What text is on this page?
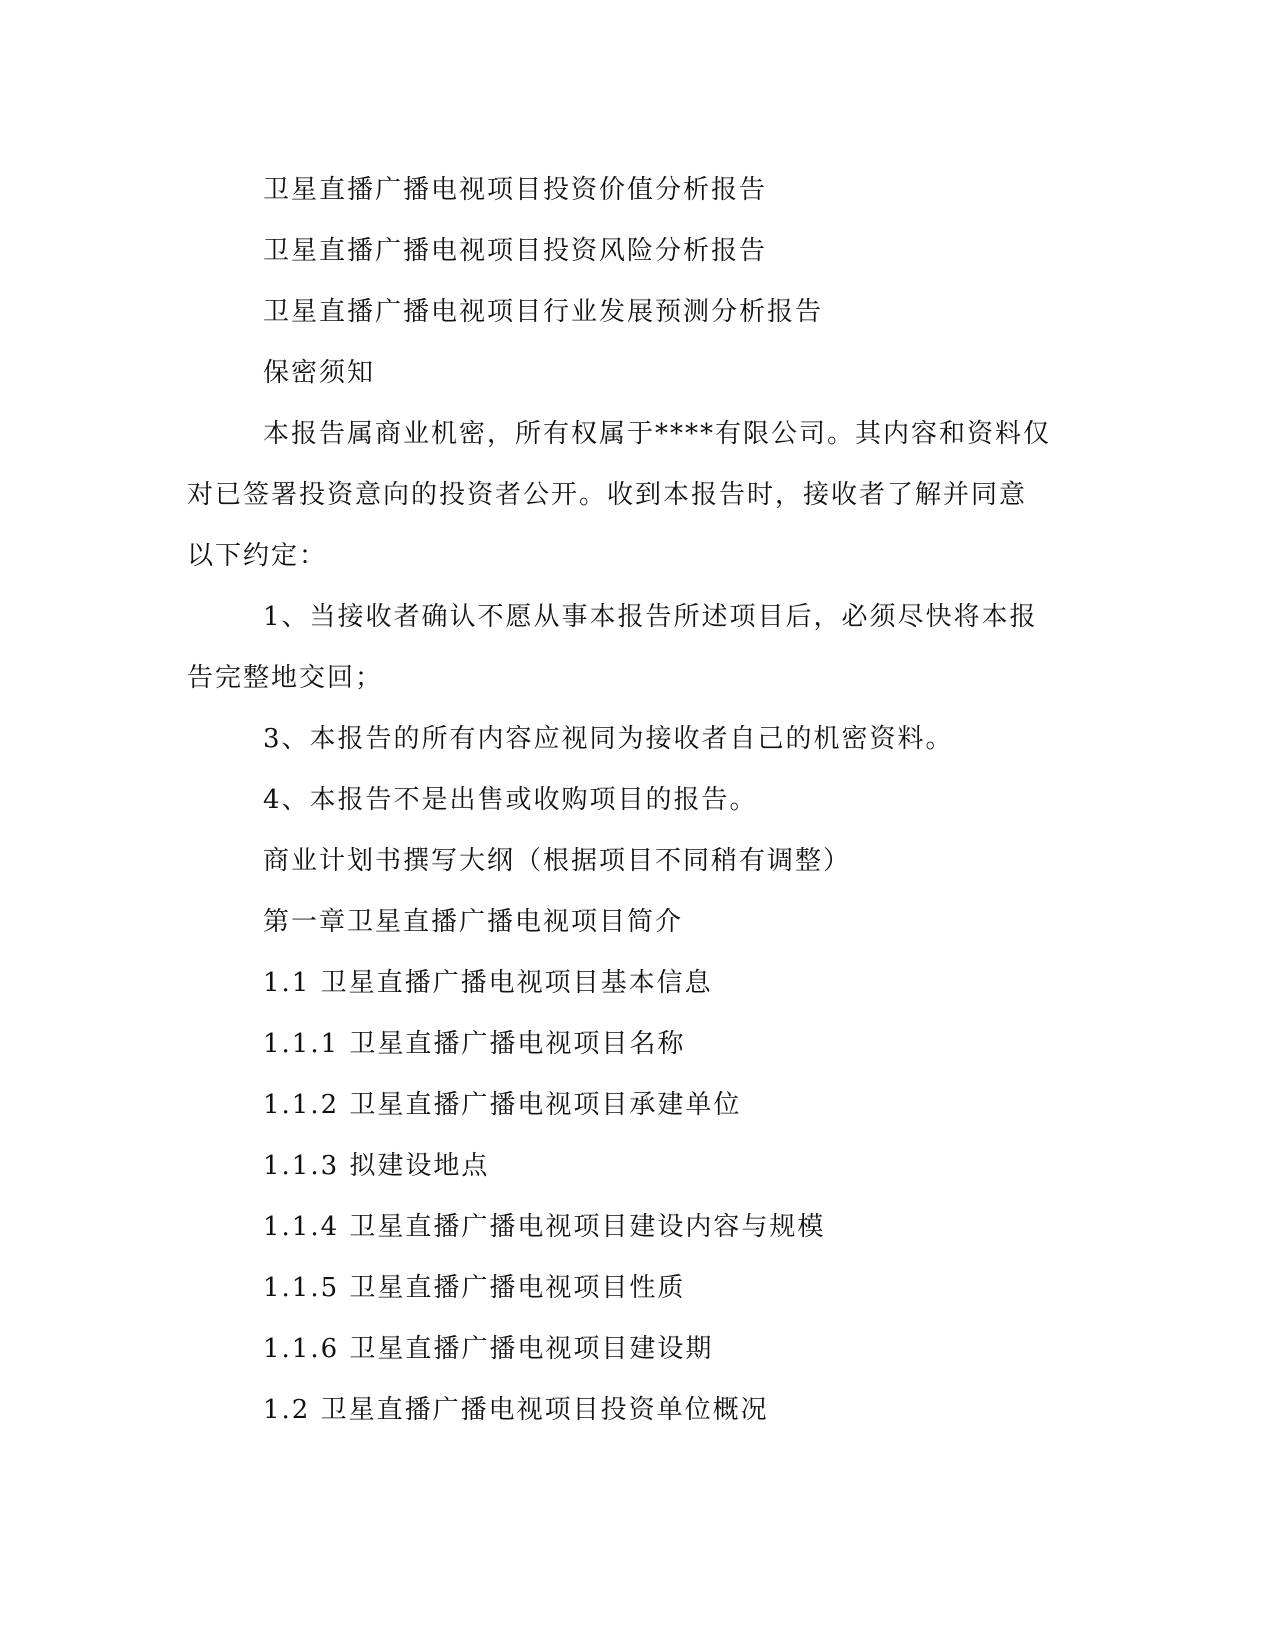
卫星直播广播电视项目投资价值分析报告
卫星直播广播电视项目投资风险分析报告
卫星直播广播电视项目行业发展预测分析报告
保密须知
本报告属商业机密，所有权属于****有限公司。其内容和资料仅
对已签署投资意向的投资者公开。收到本报告时，接收者了解并同意
以下约定：
1、当接收者确认不愿从事本报告所述项目后，必须尽快将本报
告完整地交回；
3、本报告的所有内容应视同为接收者自己的机密资料。
4、本报告不是出售或收购项目的报告。
商业计划书撰写大纲（根据项目不同稍有调整）
第一章卫星直播广播电视项目简介
1.1 卫星直播广播电视项目基本信息
1.1.1 卫星直播广播电视项目名称
1.1.2 卫星直播广播电视项目承建单位
1.1.3 拟建设地点
1.1.4 卫星直播广播电视项目建设内容与规模
1.1.5 卫星直播广播电视项目性质
1.1.6 卫星直播广播电视项目建设期
1.2 卫星直播广播电视项目投资单位概况
